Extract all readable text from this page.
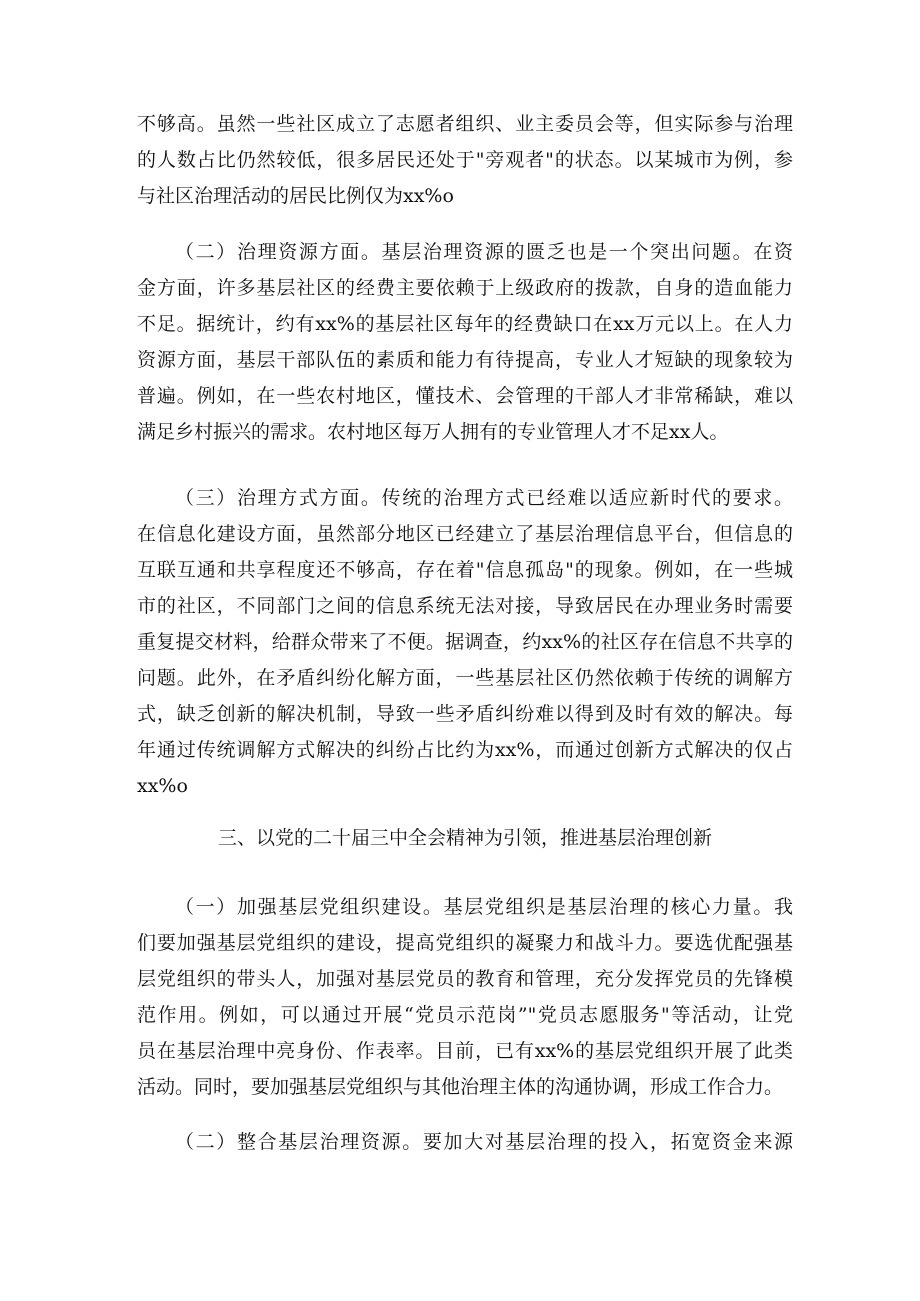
不够高。虽然一些社区成立了志愿者组织、业主委员会等，但实际参与治理
的人数占比仍然较低，很多居民还处于"旁观者"的状态。以某城市为例，参
与社区治理活动的居民比例仅为xx%o
（二）治理资源方面。基层治理资源的匮乏也是一个突出问题。在资
金方面，许多基层社区的经费主要依赖于上级政府的拨款，自身的造血能力
不足。据统计，约有xx%的基层社区每年的经费缺口在xx万元以上。在人力
资源方面，基层干部队伍的素质和能力有待提高，专业人才短缺的现象较为
普遍。例如，在一些农村地区，懂技术、会管理的干部人才非常稀缺，难以
满足乡村振兴的需求。农村地区每万人拥有的专业管理人才不足xx人。
（三）治理方式方面。传统的治理方式已经难以适应新时代的要求。
在信息化建设方面，虽然部分地区已经建立了基层治理信息平台，但信息的
互联互通和共享程度还不够高，存在着"信息孤岛"的现象。例如，在一些城
市的社区，不同部门之间的信息系统无法对接，导致居民在办理业务时需要
重复提交材料，给群众带来了不便。据调查，约xx%的社区存在信息不共享的
问题。此外，在矛盾纠纷化解方面，一些基层社区仍然依赖于传统的调解方
式，缺乏创新的解决机制，导致一些矛盾纠纷难以得到及时有效的解决。每
年通过传统调解方式解决的纠纷占比约为xx%，而通过创新方式解决的仅占
xx%o
三、以党的二十届三中全会精神为引领，推进基层治理创新
（一）加强基层党组织建设。基层党组织是基层治理的核心力量。我
们要加强基层党组织的建设，提高党组织的凝聚力和战斗力。要选优配强基
层党组织的带头人，加强对基层党员的教育和管理，充分发挥党员的先锋模
范作用。例如，可以通过开展“党员示范岗”"党员志愿服务"等活动，让党
员在基层治理中亮身份、作表率。目前，已有xx%的基层党组织开展了此类
活动。同时，要加强基层党组织与其他治理主体的沟通协调，形成工作合力。
（二）整合基层治理资源。要加大对基层治理的投入，拓宽资金来源
